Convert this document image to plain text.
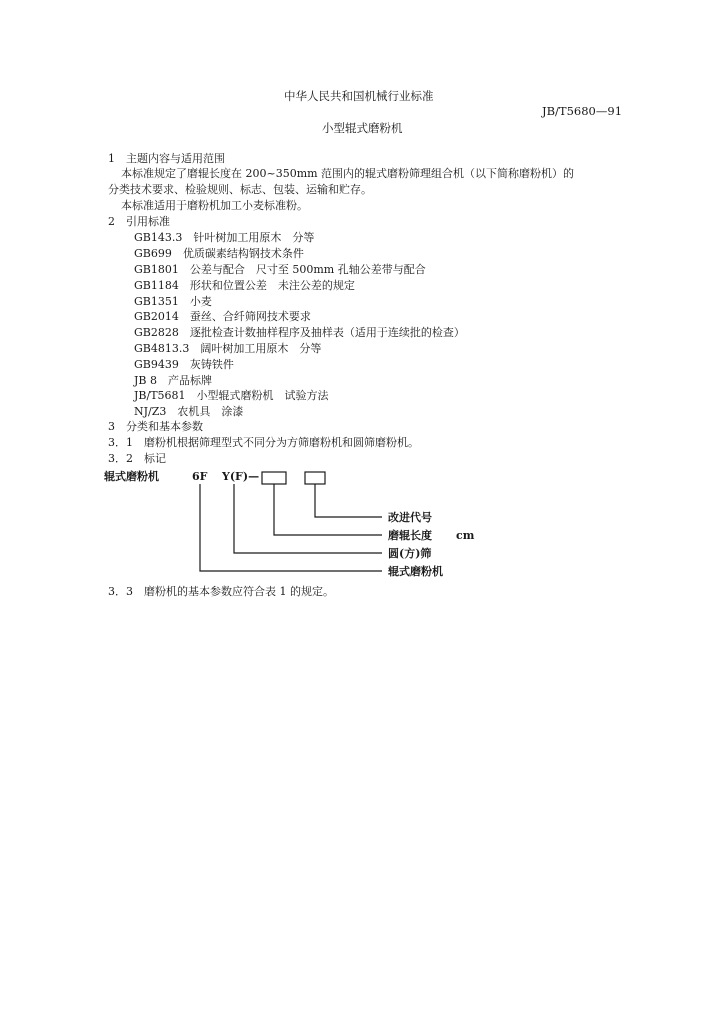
中华人民共和国机械行业标准
JB/T5680—91
小型辊式磨粉机
1　主题内容与适用范围
本标准规定了磨辊长度在 200~350mm 范围内的辊式磨粉筛理组合机（以下简称磨粉机）的
分类技术要求、检验规则、标志、包装、运输和贮存。
本标准适用于磨粉机加工小麦标准粉。
2　引用标准
GB143.3　针叶树加工用原木　分等
GB699　优质碳素结构钢技术条件
GB1801　公差与配合　尺寸至 500mm 孔轴公差带与配合
GB1184　形状和位置公差　未注公差的规定
GB1351　小麦
GB2014　蚕丝、合纤筛网技术要求
GB2828　逐批检查计数抽样程序及抽样表（适用于连续批的检查）
GB4813.3　阔叶树加工用原木　分等
GB9439　灰铸铁件
JB 8　产品标牌
JB/T5681　小型辊式磨粉机　试验方法
NJ/Z3　农机具　涂漆
3　分类和基本参数
3．1　磨粉机根据筛理型式不同分为方筛磨粉机和圆筛磨粉机。
3．2　标记
辊式磨粉机	6F Y(F)—
改进代号
磨辊长度 cm
圆(方)筛
辊式磨粉机
3．3　磨粉机的基本参数应符合表 1 的规定。
